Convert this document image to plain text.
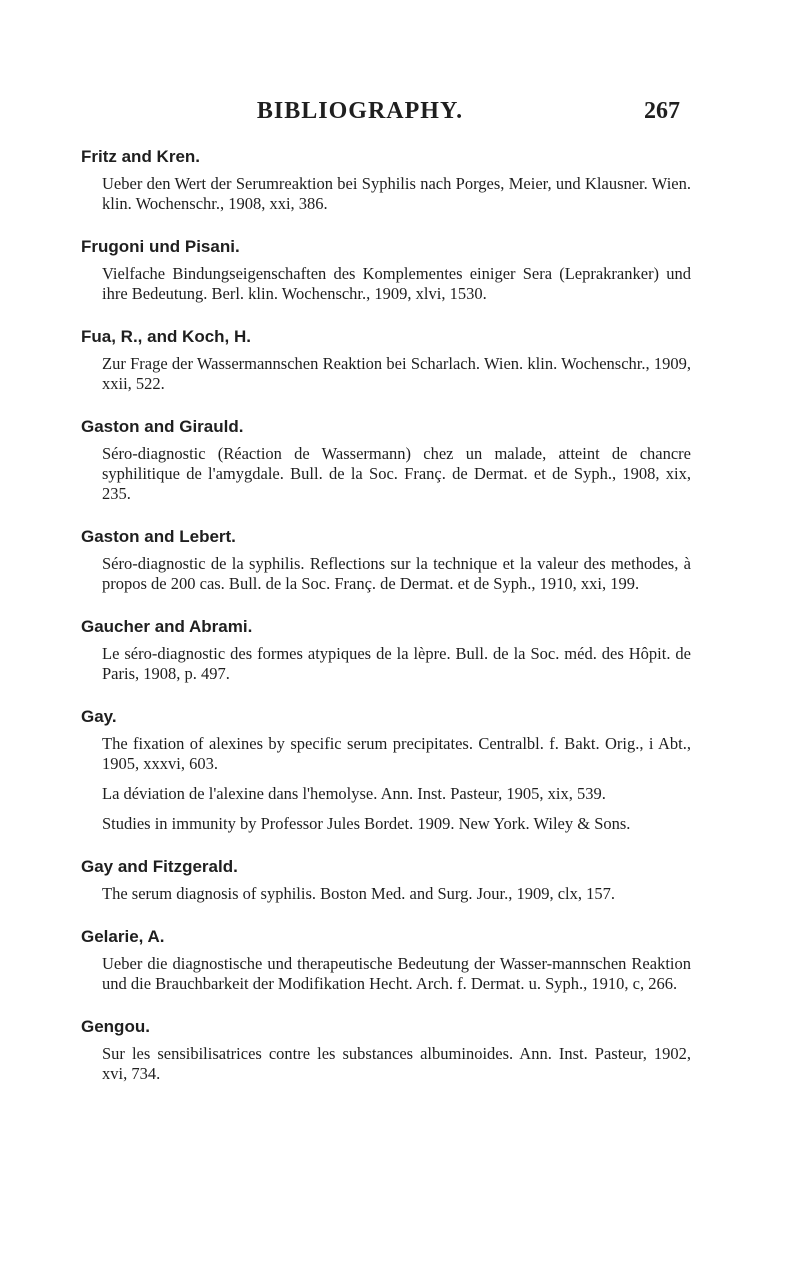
BIBLIOGRAPHY.	267
Fritz and Kren.
Ueber den Wert der Serumreaktion bei Syphilis nach Porges, Meier, und Klausner. Wien. klin. Wochenschr., 1908, xxi, 386.
Frugoni und Pisani.
Vielfache Bindungseigenschaften des Komplementes einiger Sera (Leprakranker) und ihre Bedeutung. Berl. klin. Wochenschr., 1909, xlvi, 1530.
Fua, R., and Koch, H.
Zur Frage der Wassermannschen Reaktion bei Scharlach. Wien. klin. Wochenschr., 1909, xxii, 522.
Gaston and Girauld.
Séro-diagnostic (Réaction de Wassermann) chez un malade, atteint de chancre syphilitique de l'amygdale. Bull. de la Soc. Franç. de Dermat. et de Syph., 1908, xix, 235.
Gaston and Lebert.
Séro-diagnostic de la syphilis. Reflections sur la technique et la valeur des methodes, à propos de 200 cas. Bull. de la Soc. Franç. de Dermat. et de Syph., 1910, xxi, 199.
Gaucher and Abrami.
Le séro-diagnostic des formes atypiques de la lèpre. Bull. de la Soc. méd. des Hôpit. de Paris, 1908, p. 497.
Gay.
The fixation of alexines by specific serum precipitates. Centralbl. f. Bakt. Orig., i Abt., 1905, xxxvi, 603.
La déviation de l'alexine dans l'hemolyse. Ann. Inst. Pasteur, 1905, xix, 539.
Studies in immunity by Professor Jules Bordet. 1909. New York. Wiley & Sons.
Gay and Fitzgerald.
The serum diagnosis of syphilis. Boston Med. and Surg. Jour., 1909, clx, 157.
Gelarie, A.
Ueber die diagnostische und therapeutische Bedeutung der Wasser-mannschen Reaktion und die Brauchbarkeit der Modifikation Hecht. Arch. f. Dermat. u. Syph., 1910, c, 266.
Gengou.
Sur les sensibilisatrices contre les substances albuminoides. Ann. Inst. Pasteur, 1902, xvi, 734.
